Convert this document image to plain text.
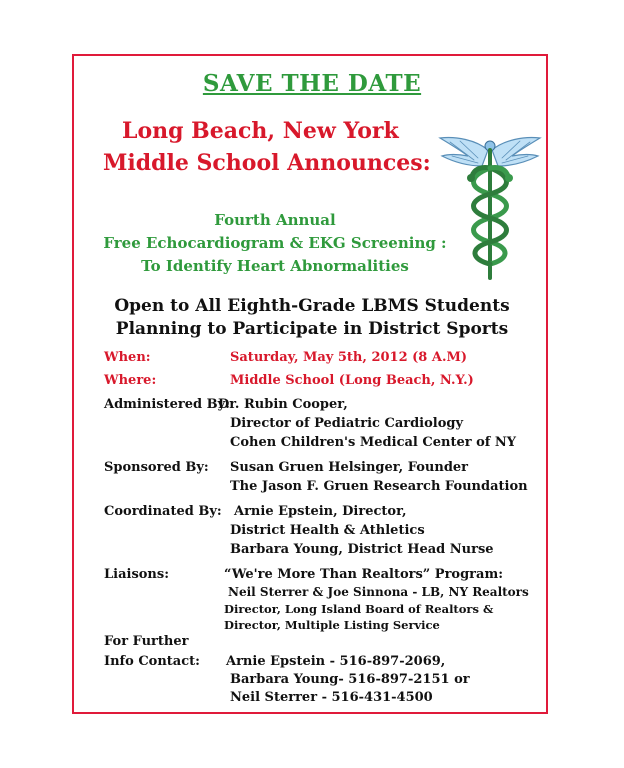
SAVE THE DATE
Long Beach, New York
Middle School Announces:
Fourth Annual
Free Echocardiogram & EKG Screening :
To Identify Heart Abnormalities
Open to All Eighth-Grade LBMS Students
Planning to Participate in District Sports
When:	Saturday, May 5th, 2012 (8 A.M)
Where:	Middle School (Long Beach, N.Y.)
Administered By:
Dr. Rubin Cooper,
Director of Pediatric Cardiology
Cohen Children's Medical Center of NY
Sponsored By: Susan Gruen Helsinger, Founder
The Jason F. Gruen Research Foundation
Coordinated By: Arnie Epstein, Director,
District Health & Athletics
Barbara Young, District Head Nurse
Liaisons:	“We're More Than Realtors” Program:
Neil Sterrer & Joe Sinnona - LB, NY Realtors
Director, Long Island Board of Realtors &
Director, Multiple Listing Service
For Further
Info Contact: Arnie Epstein - 516-897-2069,
Barbara Young- 516-897-2151 or
Neil Sterrer - 516-431-4500
